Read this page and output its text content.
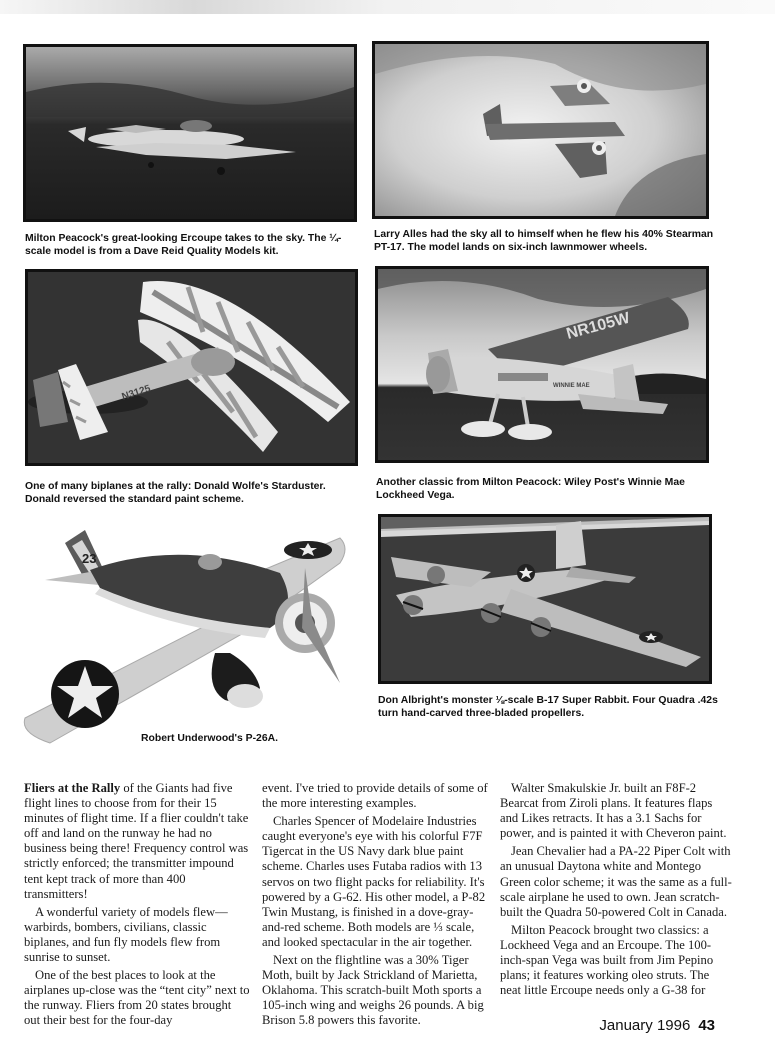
Milton Peacock's great-looking Ercoupe takes to the sky. The ¼-scale model is from a Dave Reid Quality Models kit.

Larry Alles had the sky all to himself when he flew his 40% Stearman PT-17. The model lands on six-inch lawnmower wheels.

N3125

One of many biplanes at the rally: Donald Wolfe's Starduster. Donald reversed the standard paint scheme.

NR105W
WINNIE MAE

Another classic from Milton Peacock: Wiley Post's Winnie Mae Lockheed Vega.

23

Robert Underwood's P-26A.

Don Albright's monster ⅛-scale B-17 Super Rabbit. Four Quadra .42s turn hand-carved three-bladed propellers.

Fliers at the Rally of the Giants had five flight lines to choose from for their 15 minutes of flight time. If a flier couldn't take off and land on the runway he had no business being there! Frequency control was strictly enforced; the transmitter impound tent kept track of more than 400 transmitters!

A wonderful variety of models flew—warbirds, bombers, civilians, classic biplanes, and fun fly models flew from sunrise to sunset.

One of the best places to look at the airplanes up-close was the “tent city” next to the runway. Fliers from 20 states brought out their best for the four-day

event. I've tried to provide details of some of the more interesting examples.

Charles Spencer of Modelaire Industries caught everyone's eye with his colorful F7F Tigercat in the US Navy dark blue paint scheme. Charles uses Futaba radios with 13 servos on two flight packs for reliability. It's powered by a G-62. His other model, a P-82 Twin Mustang, is finished in a dove-gray-and-red scheme. Both models are ⅓ scale, and looked spectacular in the air together.

Next on the flightline was a 30% Tiger Moth, built by Jack Strickland of Marietta, Oklahoma. This scratch-built Moth sports a 105-inch wing and weighs 26 pounds. A big Brison 5.8 powers this favorite.

Walter Smakulskie Jr. built an F8F-2 Bearcat from Ziroli plans. It features flaps and Likes retracts. It has a 3.1 Sachs for power, and is painted it with Cheveron paint.

Jean Chevalier had a PA-22 Piper Colt with an unusual Daytona white and Montego Green color scheme; it was the same as a full-scale airplane he used to own. Jean scratch-built the Quadra 50-powered Colt in Canada.

Milton Peacock brought two classics: a Lockheed Vega and an Ercoupe. The 100-inch-span Vega was built from Jim Pepino plans; it features working oleo struts. The neat little Ercoupe needs only a G-38 for

January 1996 43
